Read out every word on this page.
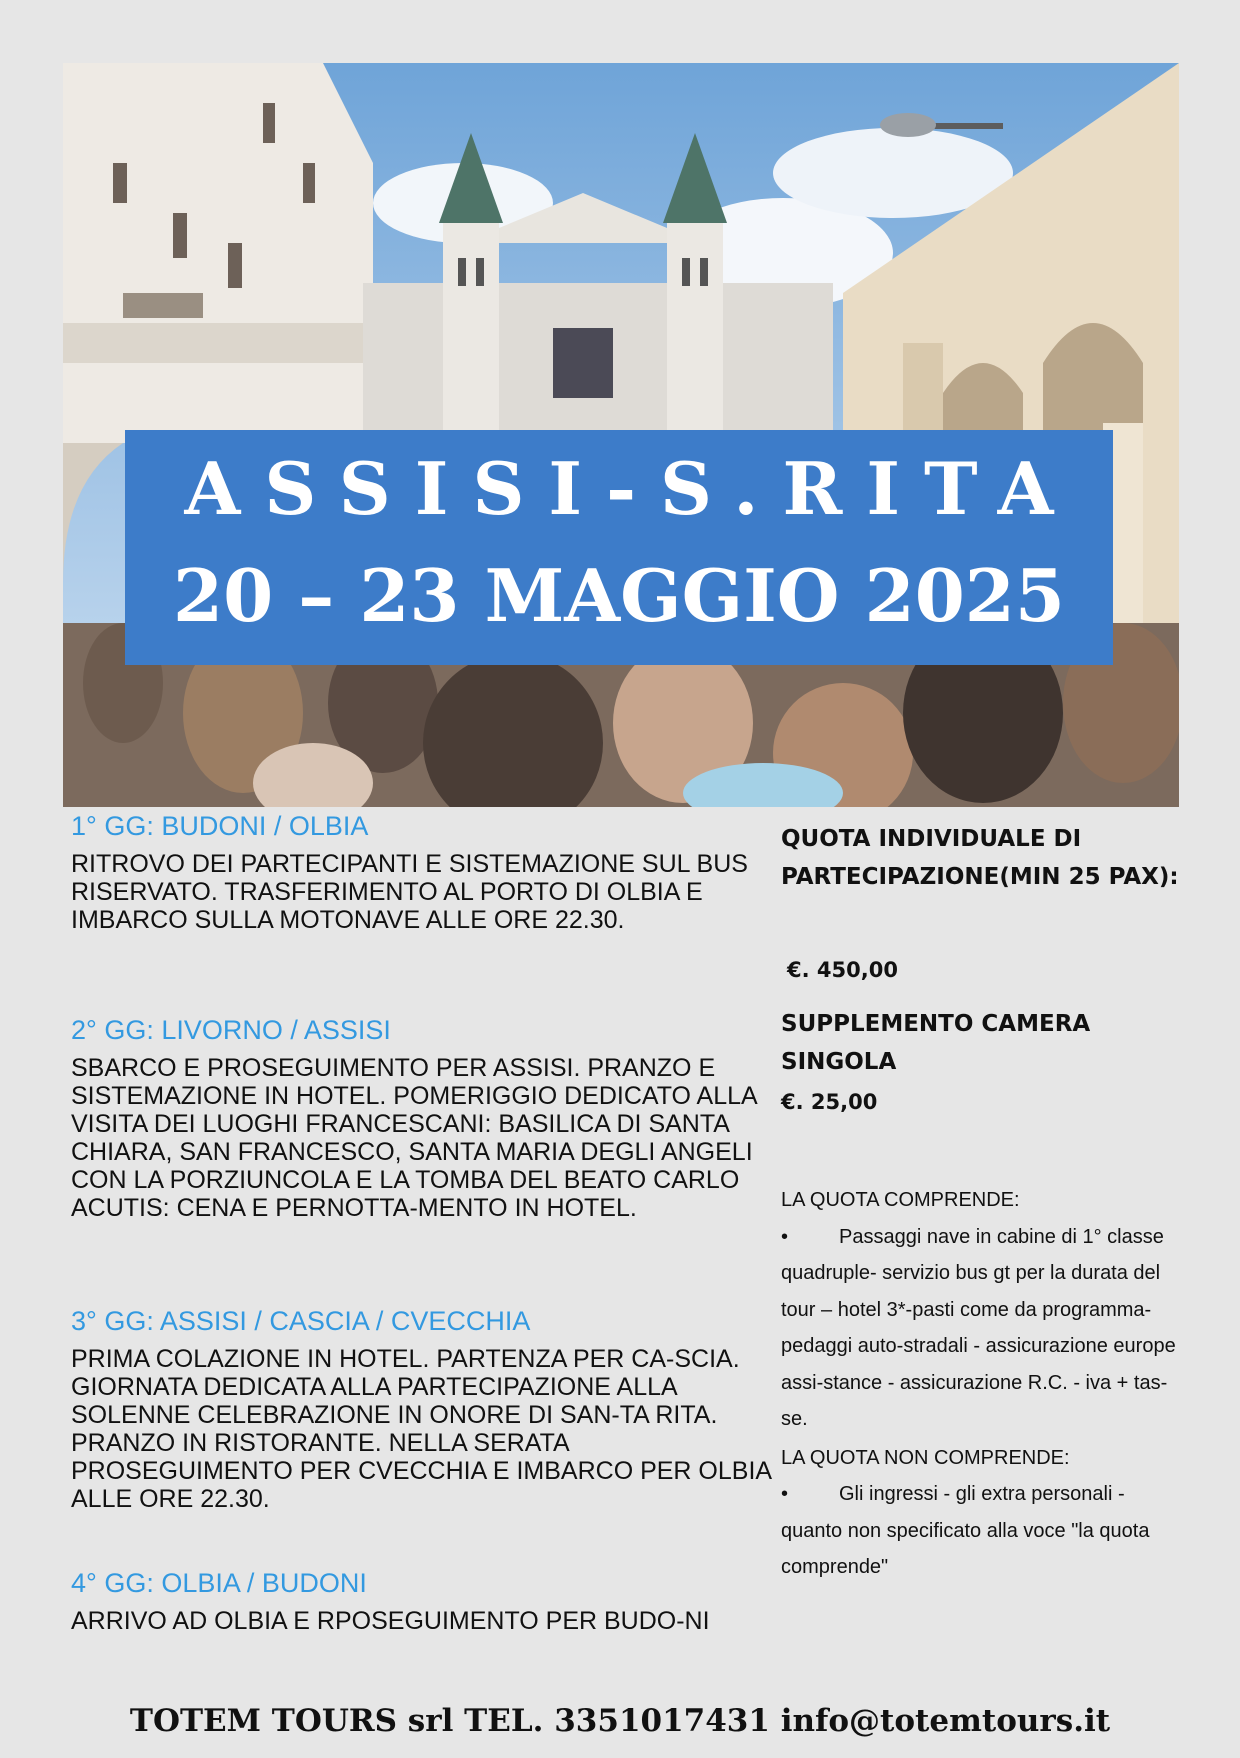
ASSISI-S.RITA
20 – 23 MAGGIO 2025
1° GG: BUDONI / OLBIA

RITROVO DEI PARTECIPANTI E SISTEMAZIONE SUL BUS RISERVATO. TRASFERIMENTO AL PORTO DI OLBIA E IMBARCO SULLA MOTONAVE ALLE ORE 22.30.

2° GG: LIVORNO / ASSISI

SBARCO E PROSEGUIMENTO PER ASSISI. PRANZO E SISTEMAZIONE IN HOTEL. POMERIGGIO DEDICATO ALLA VISITA DEI LUOGHI FRANCESCANI: BASILICA DI SANTA CHIARA, SAN FRANCESCO, SANTA MARIA DEGLI ANGELI CON LA PORZIUNCOLA E LA TOMBA DEL BEATO CARLO ACUTIS: CENA E PERNOTTA-MENTO IN HOTEL.

3° GG: ASSISI / CASCIA / CVECCHIA

PRIMA COLAZIONE IN HOTEL. PARTENZA PER CA-SCIA. GIORNATA DEDICATA ALLA PARTECIPAZIONE ALLA SOLENNE CELEBRAZIONE IN ONORE DI SAN-TA RITA. PRANZO IN RISTORANTE. NELLA SERATA PROSEGUIMENTO PER CVECCHIA E IMBARCO PER OLBIA ALLE ORE 22.30.

4° GG: OLBIA / BUDONI

ARRIVO AD OLBIA E RPOSEGUIMENTO PER BUDO-NI

QUOTA INDIVIDUALE DI PARTECIPAZIONE(MIN 25 PAX):
€. 450,00
SUPPLEMENTO CAMERA SINGOLA
€. 25,00

LA QUOTA COMPRENDE:

•	Passaggi nave in cabine di 1° classe quadruple- servizio bus gt per la durata del tour – hotel 3*-pasti come da programma-pedaggi auto-stradali - assicurazione europe assi-stance - assicurazione R.C. - iva + tas-se.

LA QUOTA NON COMPRENDE:

•	Gli ingressi - gli extra personali - quanto non specificato alla voce "la quota comprende"
TOTEM TOURS srl TEL. 3351017431 info@totemtours.it
